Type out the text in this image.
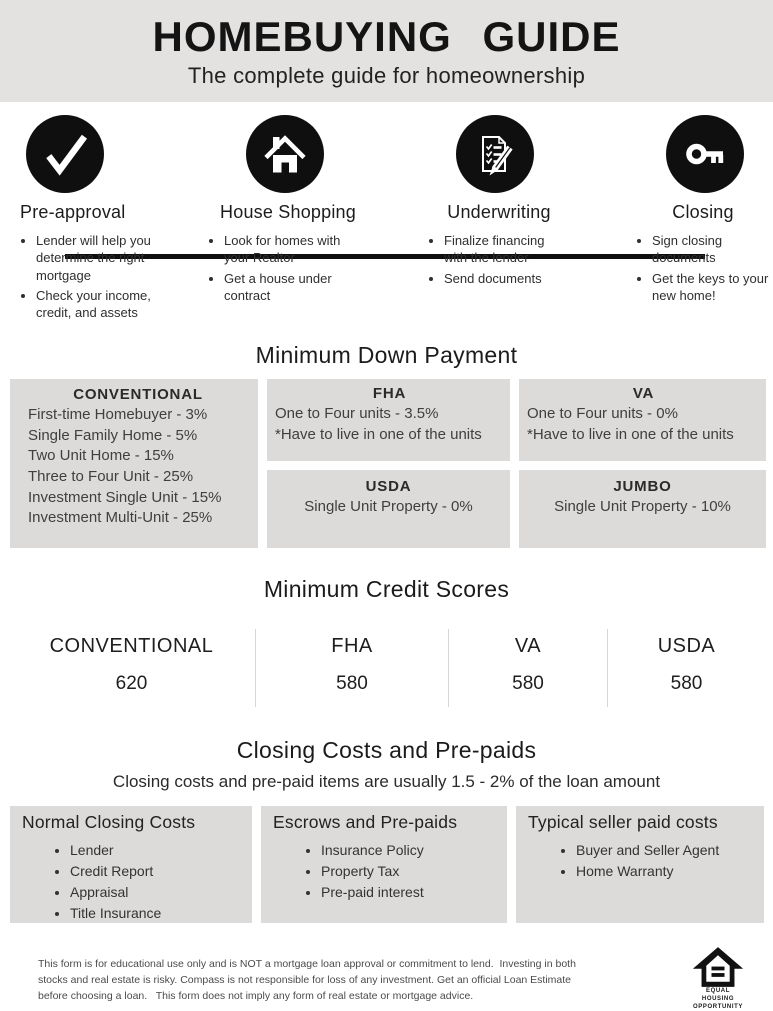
HOMEBUYING GUIDE
The complete guide for homeownership
Pre-approval
• Lender will help you determine the right mortgage
• Check your income, credit, and assets
House Shopping
• Look for homes with your Realtor
• Get a house under contract
Underwriting
• Finalize financing with the lender
• Send documents
Closing
• Sign closing documents
• Get the keys to your new home!
Minimum Down Payment
CONVENTIONAL
First-time Homebuyer - 3%
Single Family Home - 5%
Two Unit Home - 15%
Three to Four Unit - 25%
Investment Single Unit - 15%
Investment Multi-Unit - 25%
FHA
One to Four units - 3.5%
*Have to live in one of the units
VA
One to Four units - 0%
*Have to live in one of the units
USDA
Single Unit Property - 0%
JUMBO
Single Unit Property - 10%
Minimum Credit Scores
CONVENTIONAL
620
FHA
580
VA
580
USDA
580
Closing Costs and Pre-paids

Closing costs and pre-paid items are usually 1.5 - 2% of the loan amount

Normal Closing Costs
• Lender
• Credit Report
• Appraisal
• Title Insurance
Escrows and Pre-paids
• Insurance Policy
• Property Tax
• Pre-paid interest
Typical seller paid costs
• Buyer and Seller Agent
• Home Warranty

This form is for educational use only and is NOT a mortgage loan approval or commitment to lend.  Investing in both stocks and real estate is risky. Compass is not responsible for loss of any investment. Get an official Loan Estimate before choosing a loan.   This form does not imply any form of real estate or mortgage advice.	EQUAL HOUSING
OPPORTUNITY
